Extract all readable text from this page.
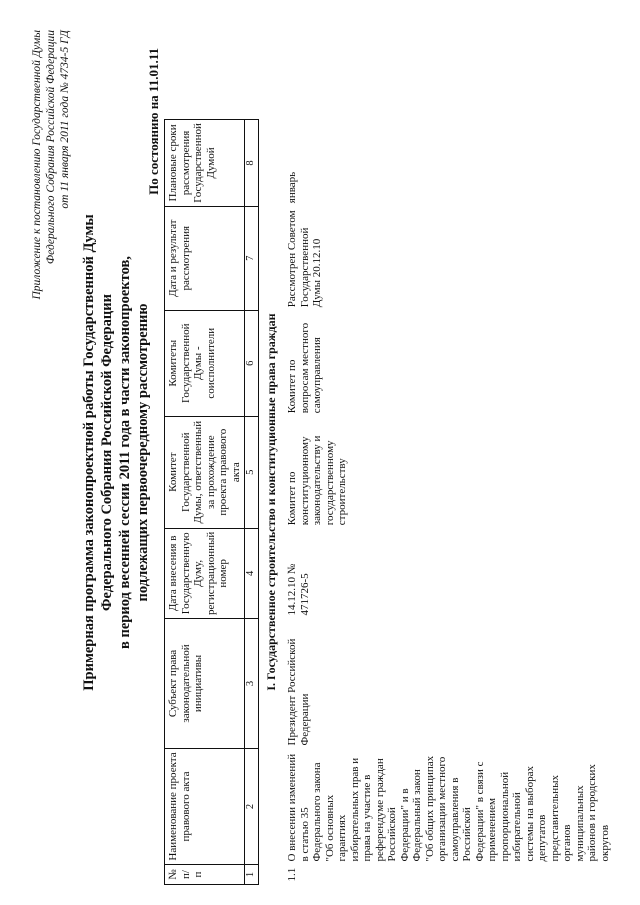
Приложение к постановлению Государственной Думы Федерального Собрания Российской Федерации от 11 января 2011 года № 4734-5 ГД
Примерная программа законопроектной работы Государственной Думы Федерального Собрания Российской Федерации в период весенней сессии 2011 года в части законопроектов, подлежащих первоочередному рассмотрению
По состоянию на 11.01.11
№ п/п	Наименование проекта правового акта	Субъект права законодательной инициативы	Дата внесения в Государственную Думу, регистрационный номер	Комитет Государственной Думы, ответственный за прохождение проекта правового акта	Комитеты Государственной Думы - соисполнители	Дата и результат рассмотрения	Плановые сроки рассмотрения Государственной Думой
1	2	3	4	5	6	7	8
I. Государственное строительство и конституционные права граждан							
1.1	О внесении изменений в статью 35 Федерального закона "Об основных гарантиях избирательных прав и права на участие в референдуме граждан Российской Федерации" и в Федеральный закон "Об общих принципах организации местного самоуправления в Российской Федерации" в связи с применением пропорциональной избирательной системы на выборах депутатов представительных органов муниципальных районов и городских округов	Президент Российской Федерации	14.12.10 № 471726-5	Комитет по конституционному законодательству и государственному строительству	Комитет по вопросам местного самоуправления	Рассмотрен Советом Государственной Думы 20.12.10	январь
